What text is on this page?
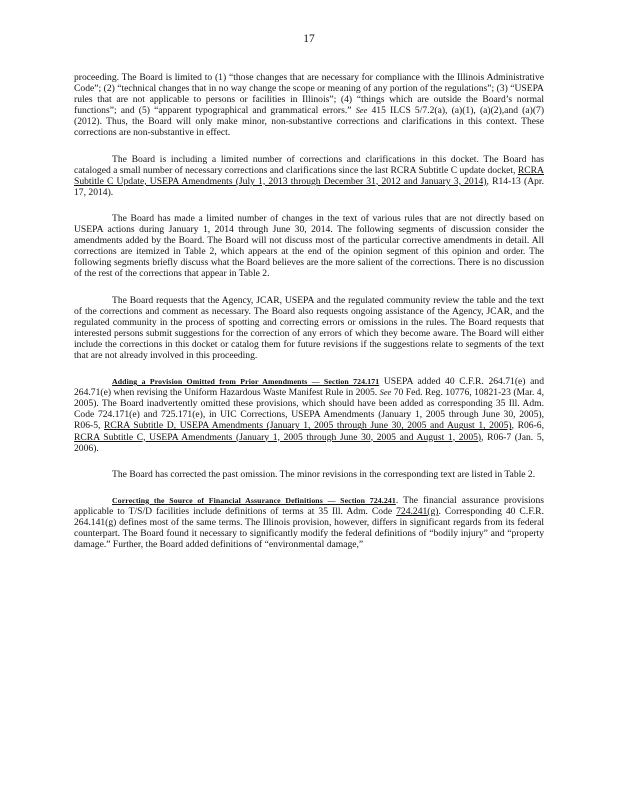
17

proceeding. The Board is limited to (1) “those changes that are necessary for compliance with the Illinois Administrative Code”; (2) “technical changes that in no way change the scope or meaning of any portion of the regulations”; (3) “USEPA rules that are not applicable to persons or facilities in Illinois”; (4) “things which are outside the Board’s normal functions”; and (5) “apparent typographical and grammatical errors.” See 415 ILCS 5/7.2(a), (a)(1), (a)(2),and (a)(7) (2012). Thus, the Board will only make minor, non-substantive corrections and clarifications in this context. These corrections are non-substantive in effect.

The Board is including a limited number of corrections and clarifications in this docket. The Board has cataloged a small number of necessary corrections and clarifications since the last RCRA Subtitle C update docket, RCRA Subtitle C Update, USEPA Amendments (July 1, 2013 through December 31, 2012 and January 3, 2014), R14-13 (Apr. 17, 2014).

The Board has made a limited number of changes in the text of various rules that are not directly based on USEPA actions during January 1, 2014 through June 30, 2014. The following segments of discussion consider the amendments added by the Board. The Board will not discuss most of the particular corrective amendments in detail. All corrections are itemized in Table 2, which appears at the end of the opinion segment of this opinion and order. The following segments briefly discuss what the Board believes are the more salient of the corrections. There is no discussion of the rest of the corrections that appear in Table 2.

The Board requests that the Agency, JCAR, USEPA and the regulated community review the table and the text of the corrections and comment as necessary. The Board also requests ongoing assistance of the Agency, JCAR, and the regulated community in the process of spotting and correcting errors or omissions in the rules. The Board requests that interested persons submit suggestions for the correction of any errors of which they become aware. The Board will either include the corrections in this docket or catalog them for future revisions if the suggestions relate to segments of the text that are not already involved in this proceeding.

Adding a Provision Omitted from Prior Amendments — Section 724.171 USEPA added 40 C.F.R. 264.71(e) and 264.71(e) when revising the Uniform Hazardous Waste Manifest Rule in 2005. See 70 Fed. Reg. 10776, 10821-23 (Mar. 4, 2005). The Board inadvertently omitted these provisions, which should have been added as corresponding 35 Ill. Adm. Code 724.171(e) and 725.171(e), in UIC Corrections, USEPA Amendments (January 1, 2005 through June 30, 2005), R06-5, RCRA Subtitle D, USEPA Amendments (January 1, 2005 through June 30, 2005 and August 1, 2005), R06-6, RCRA Subtitle C, USEPA Amendments (January 1, 2005 through June 30, 2005 and August 1, 2005), R06-7 (Jan. 5, 2006).

The Board has corrected the past omission. The minor revisions in the corresponding text are listed in Table 2.

Correcting the Source of Financial Assurance Definitions — Section 724.241. The financial assurance provisions applicable to T/S/D facilities include definitions of terms at 35 Ill. Adm. Code 724.241(g). Corresponding 40 C.F.R. 264.141(g) defines most of the same terms. The Illinois provision, however, differs in significant regards from its federal counterpart. The Board found it necessary to significantly modify the federal definitions of “bodily injury” and “property damage.” Further, the Board added definitions of “environmental damage,”
